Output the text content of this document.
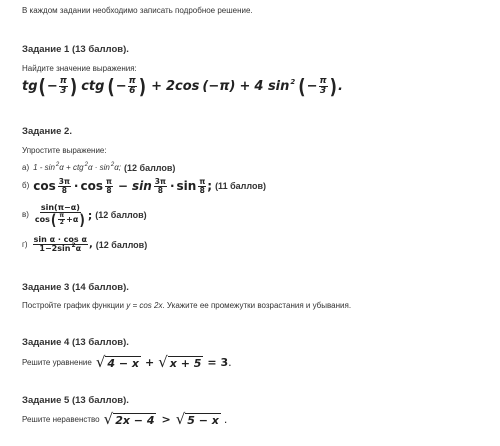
В каждом задании необходимо записать подробное решение.
Задание 1 (13 баллов).
Найдите значение выражения:
tg ( − $\frac{\pi}{3}$ ) ctg ( − $\frac{\pi}{6}$ ) + 2cos (−π) + 4 sin 2 ( − $\frac{\pi}{3}$ ) .
Задание 2.
Упростите выражение:
а) 1 - sin 2 α + ctg 2 α · sin 2 α; (12 баллов)
б) $\cos \frac{3\pi}{8} \cdot \cos \frac{\pi}{8} - \sin \frac{3\pi}{8} \cdot \sin \frac{\pi}{8}$ ; (11 баллов)
в)
sin(π−α)
cos ( $\frac{\pi}{2} +\alpha$ ) ; (12 баллов)
$г) \frac{\text{sin α · cos α}}{1-2\sin 2 \alpha}$ , (12 баллов)
Задание 3 (14 баллов).
Постройте график функции y = cos 2x. Укажите ее промежутки возрастания и убывания.
Задание 4 (13 баллов).
Решите уравнение √ 4 − x + √ x + 5 = 3 .
Задание 5 (13 баллов).
Решите неравенство √ 2x − 4 > √ 5 − x .
